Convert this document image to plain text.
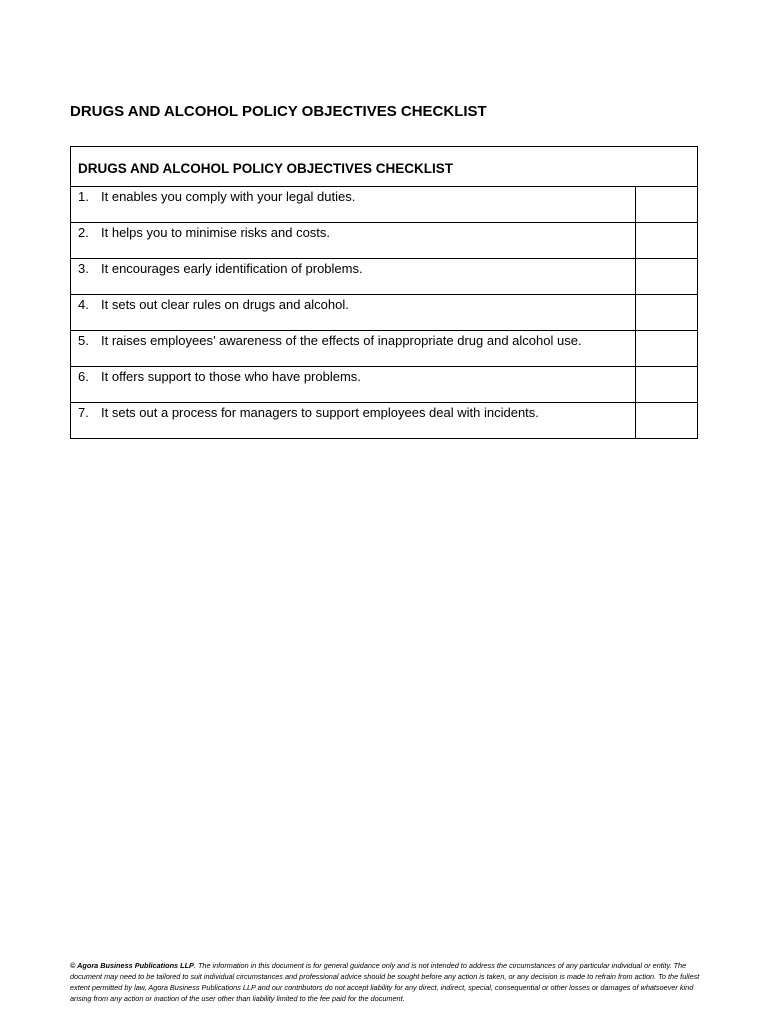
DRUGS AND ALCOHOL POLICY OBJECTIVES CHECKLIST
DRUGS AND ALCOHOL POLICY OBJECTIVES CHECKLIST	
1. It enables you comply with your legal duties.	
2. It helps you to minimise risks and costs.	
3. It encourages early identification of problems.	
4. It sets out clear rules on drugs and alcohol.	
5. It raises employees’ awareness of the effects of inappropriate drug and alcohol use.	
6. It offers support to those who have problems.	
7. It sets out a process for managers to support employees deal with incidents.	
© Agora Business Publications LLP. The information in this document is for general guidance only and is not intended to address the circumstances of any particular individual or entity. The document may need to be tailored to suit individual circumstances and professional advice should be sought before any action is taken, or any decision is made to refrain from action. To the fullest extent permitted by law, Agora Business Publications LLP and our contributors do not accept liability for any direct, indirect, special, consequential or other losses or damages of whatsoever kind arising from any action or inaction of the user other than liability limited to the fee paid for the document.
